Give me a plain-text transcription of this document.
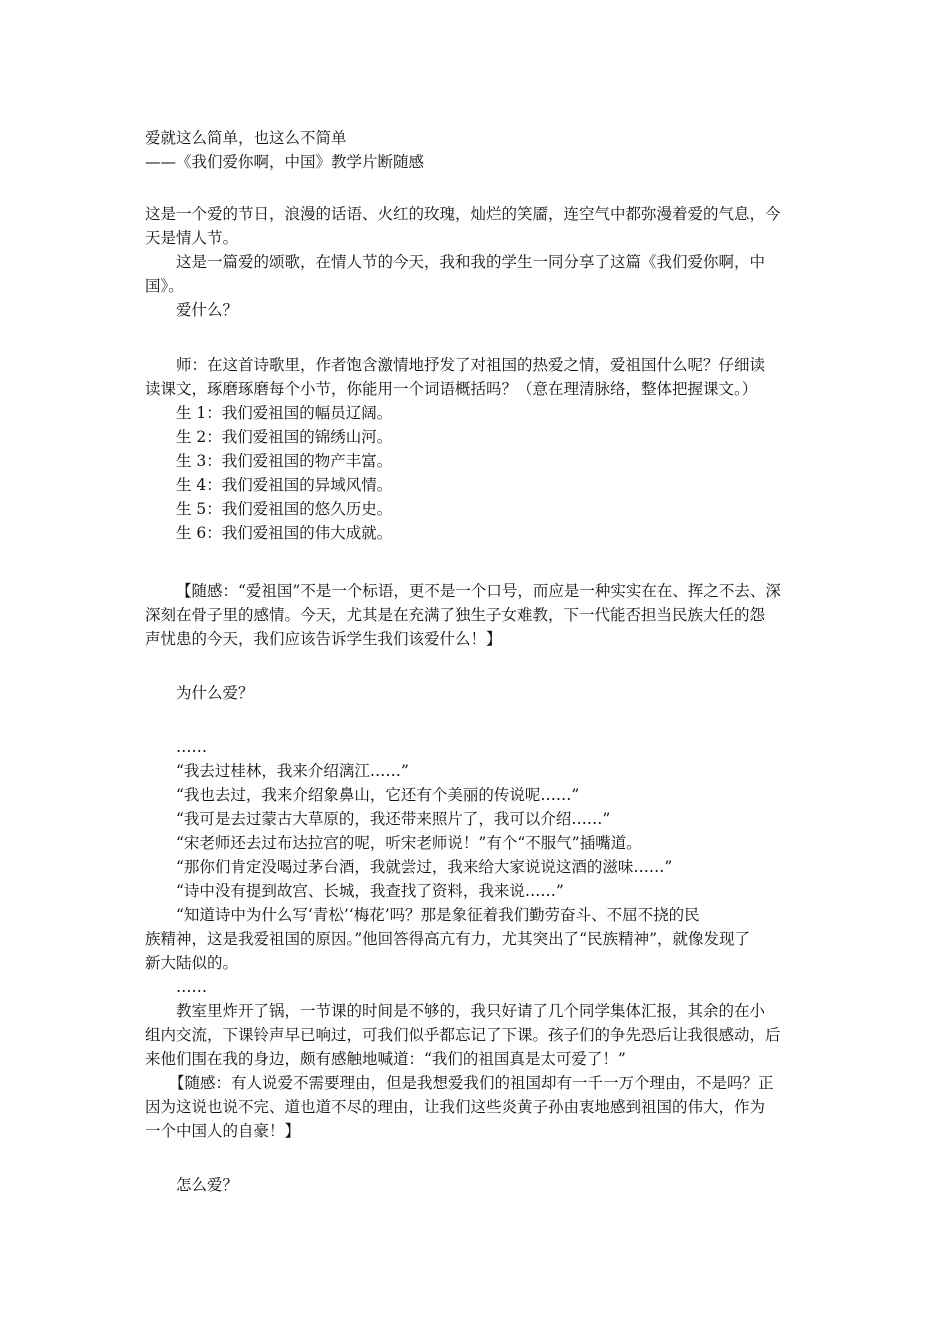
爱就这么简单，也这么不简单
——《我们爱你啊，中国》教学片断随感
这是一个爱的节日，浪漫的话语、火红的玫瑰，灿烂的笑靥，连空气中都弥漫着爱的气息，今
天是情人节。
这是一篇爱的颂歌，在情人节的今天，我和我的学生一同分享了这篇《我们爱你啊，中
国》。
爱什么？
师：在这首诗歌里，作者饱含激情地抒发了对祖国的热爱之情，爱祖国什么呢？仔细读
读课文，琢磨琢磨每个小节，你能用一个词语概括吗？（意在理清脉络，整体把握课文。）
生 1：我们爱祖国的幅员辽阔。
生 2：我们爱祖国的锦绣山河。
生 3：我们爱祖国的物产丰富。
生 4：我们爱祖国的异域风情。
生 5：我们爱祖国的悠久历史。
生 6：我们爱祖国的伟大成就。
【随感：“爱祖国”不是一个标语，更不是一个口号，而应是一种实实在在、挥之不去、深
深刻在骨子里的感情。今天，尤其是在充满了独生子女难教，下一代能否担当民族大任的怨
声忧患的今天，我们应该告诉学生我们该爱什么！】
为什么爱？
……
“我去过桂林，我来介绍漓江……”
“我也去过，我来介绍象鼻山，它还有个美丽的传说呢……”
“我可是去过蒙古大草原的，我还带来照片了，我可以介绍……”
“宋老师还去过布达拉宫的呢，听宋老师说！”有个“不服气”插嘴道。
“那你们肯定没喝过茅台酒，我就尝过，我来给大家说说这酒的滋味……”
“诗中没有提到故宫、长城，我查找了资料，我来说……”
“知道诗中为什么写‘青松’‘梅花’吗？那是象征着我们勤劳奋斗、不屈不挠的民
族精神，这是我爱祖国的原因。”他回答得高亢有力，尤其突出了“民族精神”，就像发现了
新大陆似的。
……
教室里炸开了锅，一节课的时间是不够的，我只好请了几个同学集体汇报，其余的在小
组内交流，下课铃声早已响过，可我们似乎都忘记了下课。孩子们的争先恐后让我很感动，后
来他们围在我的身边，颇有感触地喊道：“我们的祖国真是太可爱了！”
【随感：有人说爱不需要理由，但是我想爱我们的祖国却有一千一万个理由，不是吗？正
因为这说也说不完、道也道不尽的理由，让我们这些炎黄子孙由衷地感到祖国的伟大，作为
一个中国人的自豪！】
怎么爱？
